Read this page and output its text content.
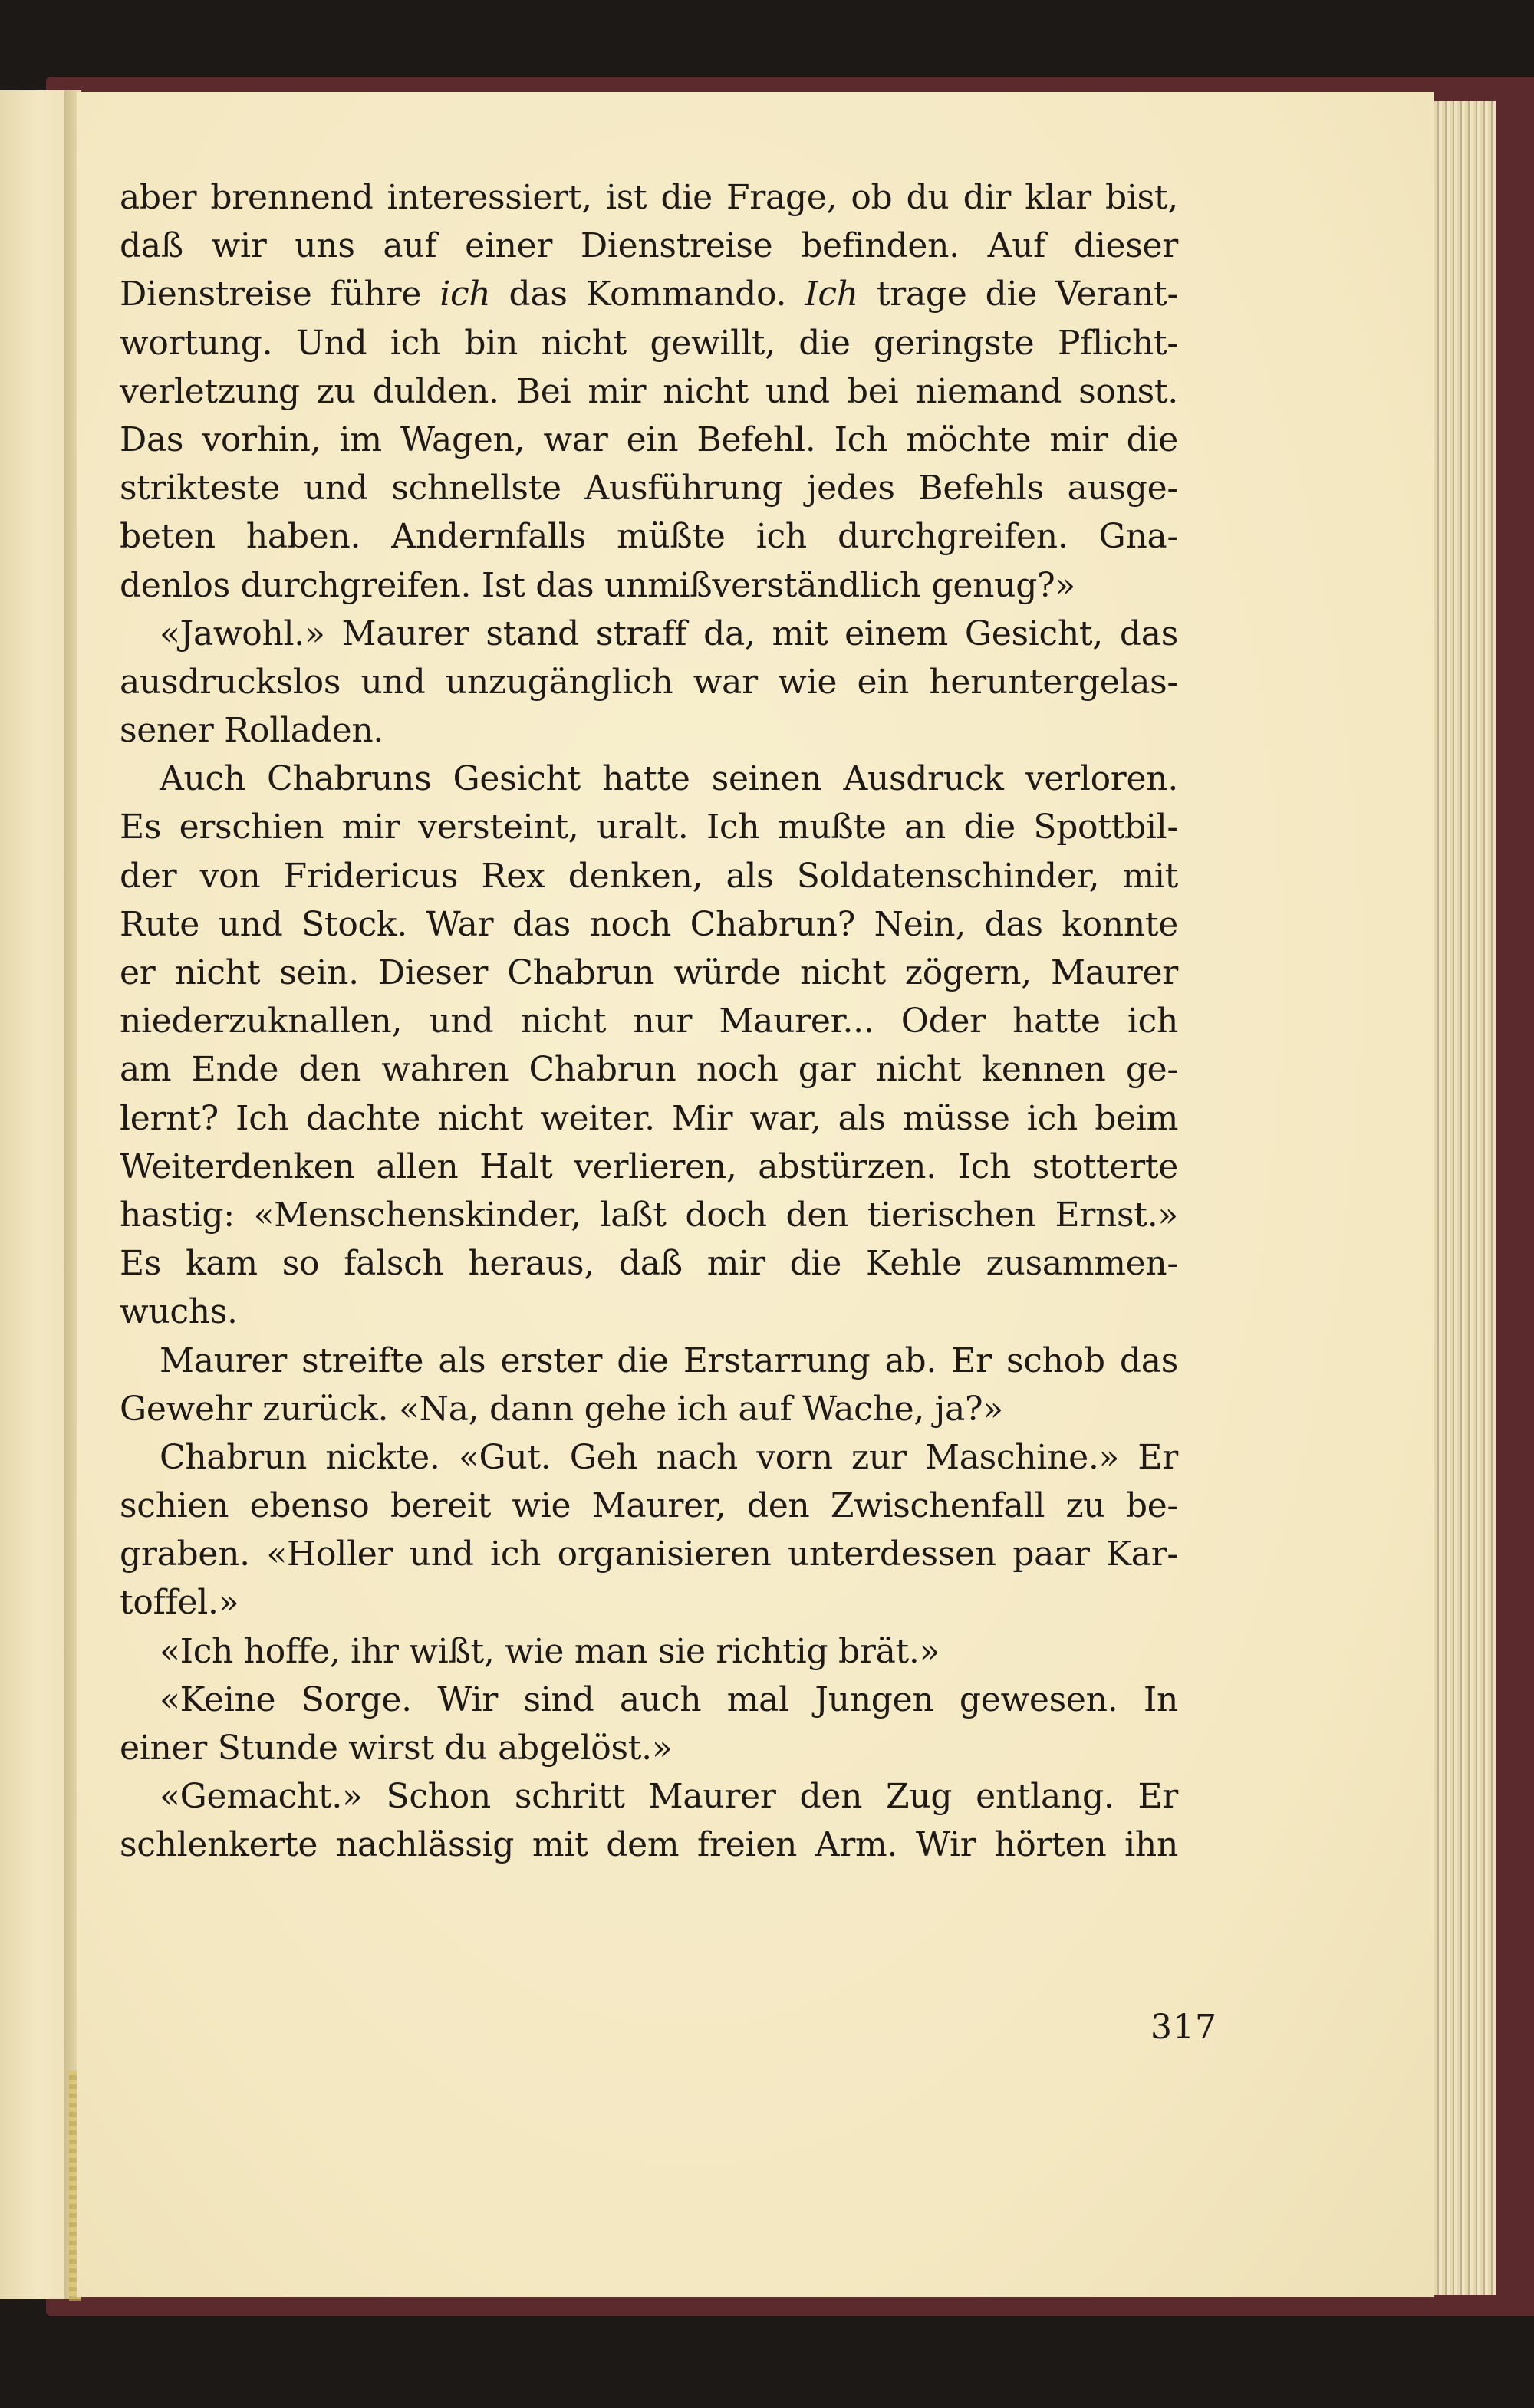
aber brennend interessiert, ist die Frage, ob du dir klar bist,
daß wir uns auf einer Dienstreise befinden. Auf dieser
Dienstreise führe ich das Kommando. Ich trage die Verant-
wortung. Und ich bin nicht gewillt, die geringste Pflicht-
verletzung zu dulden. Bei mir nicht und bei niemand sonst.
Das vorhin, im Wagen, war ein Befehl. Ich möchte mir die
strikteste und schnellste Ausführung jedes Befehls ausge-
beten haben. Andernfalls müßte ich durchgreifen. Gna-
denlos durchgreifen. Ist das unmißverständlich genug?»
«Jawohl.» Maurer stand straff da, mit einem Gesicht, das
ausdruckslos und unzugänglich war wie ein heruntergelas-
sener Rolladen.
Auch Chabruns Gesicht hatte seinen Ausdruck verloren.
Es erschien mir versteint, uralt. Ich mußte an die Spottbil-
der von Fridericus Rex denken, als Soldatenschinder, mit
Rute und Stock. War das noch Chabrun? Nein, das konnte
er nicht sein. Dieser Chabrun würde nicht zögern, Maurer
niederzuknallen, und nicht nur Maurer... Oder hatte ich
am Ende den wahren Chabrun noch gar nicht kennen ge-
lernt? Ich dachte nicht weiter. Mir war, als müsse ich beim
Weiterdenken allen Halt verlieren, abstürzen. Ich stotterte
hastig: «Menschenskinder, laßt doch den tierischen Ernst.»
Es kam so falsch heraus, daß mir die Kehle zusammen-
wuchs.
Maurer streifte als erster die Erstarrung ab. Er schob das
Gewehr zurück. «Na, dann gehe ich auf Wache, ja?»
Chabrun nickte. «Gut. Geh nach vorn zur Maschine.» Er
schien ebenso bereit wie Maurer, den Zwischenfall zu be-
graben. «Holler und ich organisieren unterdessen paar Kar-
toffel.»
«Ich hoffe, ihr wißt, wie man sie richtig brät.»
«Keine Sorge. Wir sind auch mal Jungen gewesen. In
einer Stunde wirst du abgelöst.»
«Gemacht.» Schon schritt Maurer den Zug entlang. Er
schlenkerte nachlässig mit dem freien Arm. Wir hörten ihn
317
